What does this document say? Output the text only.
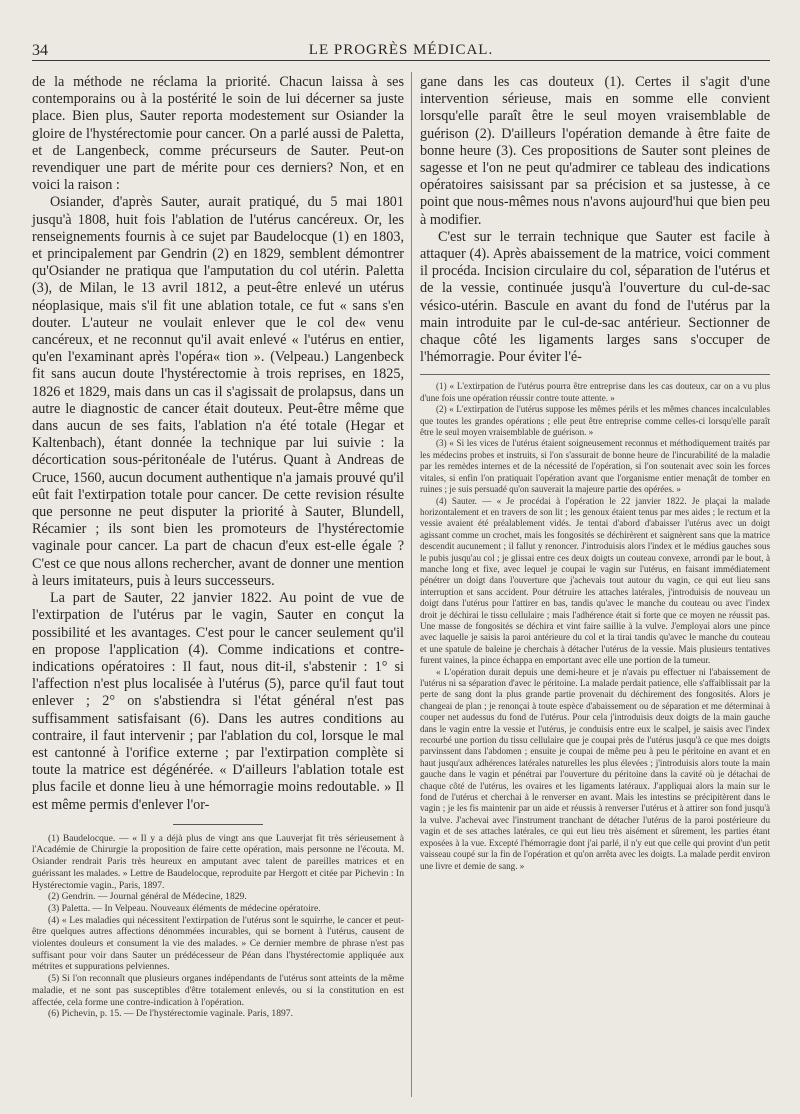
34	LE PROGRÈS MÉDICAL.

de la méthode ne réclama la priorité. Chacun laissa à ses contemporains ou à la postérité le soin de lui décerner sa juste place. Bien plus, Sauter reporta modestement sur Osiander la gloire de l'hystérectomie pour cancer. On a parlé aussi de Paletta, et de Langenbeck, comme précurseurs de Sauter. Peut-on revendiquer une part de mérite pour ces derniers? Non, et en voici la raison :

Osiander, d'après Sauter, aurait pratiqué, du 5 mai 1801 jusqu'à 1808, huit fois l'ablation de l'utérus cancéreux. Or, les renseignements fournis à ce sujet par Baudelocque (1) en 1803, et principalement par Gendrin (2) en 1829, semblent démontrer qu'Osiander ne pratiqua que l'amputation du col utérin. Paletta (3), de Milan, le 13 avril 1812, a peut-être enlevé un utérus néoplasique, mais s'il fit une ablation totale, ce fut « sans s'en douter. L'auteur ne voulait enlever que le col de« venu cancéreux, et ne reconnut qu'il avait enlevé « l'utérus en entier, qu'en l'examinant après l'opéra« tion ». (Velpeau.) Langenbeck fit sans aucun doute l'hystérectomie à trois reprises, en 1825, 1826 et 1829, mais dans un cas il s'agissait de prolapsus, dans un autre le diagnostic de cancer était douteux. Peut-être même que dans aucun de ses faits, l'ablation n'a été totale (Hegar et Kaltenbach), étant donnée la technique par lui suivie : la décortication sous-péritonéale de l'utérus. Quant à Andreas de Cruce, 1560, aucun document authentique n'a jamais prouvé qu'il eût fait l'extirpation totale pour cancer. De cette revision résulte que personne ne peut disputer la priorité à Sauter, Blundell, Récamier ; ils sont bien les promoteurs de l'hystérectomie vaginale pour cancer. La part de chacun d'eux est-elle égale ? C'est ce que nous allons rechercher, avant de donner une mention à leurs imitateurs, puis à leurs successeurs.

La part de Sauter, 22 janvier 1822. Au point de vue de l'extirpation de l'utérus par le vagin, Sauter en conçut la possibilité et les avantages. C'est pour le cancer seulement qu'il en propose l'application (4). Comme indications et contre-indications opératoires : Il faut, nous dit-il, s'abstenir : 1° si l'affection n'est plus localisée à l'utérus (5), parce qu'il faut tout enlever ; 2° on s'abstiendra si l'état général n'est pas suffisamment satisfaisant (6). Dans les autres conditions au contraire, il faut intervenir ; par l'ablation du col, lorsque le mal est cantonné à l'orifice externe ; par l'extirpation complète si toute la matrice est dégénérée. « D'ailleurs l'ablation totale est plus facile et donne lieu à une hémorragie moins redoutable. » Il est même permis d'enlever l'or-

(1) Baudelocque. — « Il y a déjà plus de vingt ans que Lauverjat fit très sérieusement à l'Académie de Chirurgie la proposition de faire cette opération, mais personne ne l'écouta. M. Osiander rendrait Paris très heureux en amputant avec talent de pareilles matrices et en guérissant les malades. » Lettre de Baudelocque, reproduite par Hergott et citée par Pichevin : In Hystérectomie vagin., Paris, 1897.

(2) Gendrin. — Journal général de Médecine, 1829.

(3) Paletta. — In Velpeau. Nouveaux éléments de médecine opératoire.

(4) « Les maladies qui nécessitent l'extirpation de l'utérus sont le squirrhe, le cancer et peut-être quelques autres affections dénommées incurables, qui se bornent à l'utérus, causent de violentes douleurs et consument la vie des malades. » Ce dernier membre de phrase n'est pas suffisant pour voir dans Sauter un prédécesseur de Péan dans l'hystérectomie appliquée aux métrites et suppurations pelviennes.

(5) Si l'on reconnaît que plusieurs organes indépendants de l'utérus sont atteints de la même maladie, et ne sont pas susceptibles d'être totalement enlevés, ou si la constitution en est affectée, cela forme une contre-indication à l'opération.

(6) Pichevin, p. 15. — De l'hystérectomie vaginale. Paris, 1897.

gane dans les cas douteux (1). Certes il s'agit d'une intervention sérieuse, mais en somme elle convient lorsqu'elle paraît être le seul moyen vraisemblable de guérison (2). D'ailleurs l'opération demande à être faite de bonne heure (3). Ces propositions de Sauter sont pleines de sagesse et l'on ne peut qu'admirer ce tableau des indications opératoires saisissant par sa précision et sa justesse, à ce point que nous-mêmes nous n'avons aujourd'hui que bien peu à modifier.

C'est sur le terrain technique que Sauter est facile à attaquer (4). Après abaissement de la matrice, voici comment il procéda. Incision circulaire du col, séparation de l'utérus et de la vessie, continuée jusqu'à l'ouverture du cul-de-sac vésico-utérin. Bascule en avant du fond de l'utérus par la main introduite par le cul-de-sac antérieur. Sectionner de chaque côté les ligaments larges sans s'occuper de l'hémorragie. Pour éviter l'é-

(1) « L'extirpation de l'utérus pourra être entreprise dans les cas douteux, car on a vu plus d'une fois une opération réussir contre toute attente. »

(2) « L'extirpation de l'utérus suppose les mêmes périls et les mêmes chances incalculables que toutes les grandes opérations ; elle peut être entreprise comme celles-ci lorsqu'elle paraît être le seul moyen vraisemblable de guérison. »

(3) « Si les vices de l'utérus étaient soigneusement reconnus et méthodiquement traités par les médecins probes et instruits, si l'on s'assurait de bonne heure de l'incurabilité de la maladie par les remèdes internes et de la nécessité de l'opération, si l'on soutenait avec soin les forces vitales, si enfin l'on pratiquait l'opération avant que l'organisme entier menaçât de tomber en ruines ; je suis persuadé qu'on sauverait la majeure partie des opérées. »

(4) Sauter. — « Je procédai à l'opération le 22 janvier 1822. Je plaçai la malade horizontalement et en travers de son lit ; les genoux étaient tenus par mes aides ; le rectum et la vessie avaient été préalablement vidés. Je tentai d'abord d'abaisser l'utérus avec un doigt agissant comme un crochet, mais les fongosités se déchirèrent et saignèrent sans que la matrice descendit aucunement ; il fallut y renoncer. J'introduisis alors l'index et le médius gauches sous le pubis jusqu'au col ; je glissai entre ces deux doigts un couteau convexe, arrondi par le bout, à manche long et fixe, avec lequel je coupai le vagin sur l'utérus, en faisant immédiatement pénétrer un doigt dans l'ouverture que j'achevais tout autour du vagin, ce qui eut lieu sans interruption et sans accident. Pour détruire les attaches latérales, j'introduisis de nouveau un doigt dans l'utérus pour l'attirer en bas, tandis qu'avec le manche du couteau ou avec l'index droit je déchirai le tissu cellulaire ; mais l'adhérence était si forte que ce moyen ne réussit pas. Une masse de fongosités se déchira et vint faire saillie à la vulve. J'employai alors une pince avec laquelle je saisis la paroi antérieure du col et la tirai tandis qu'avec le manche du couteau et une spatule de baleine je cherchais à détacher l'utérus de la vessie. Mais plusieurs tentatives furent vaines, la pince échappa en emportant avec elle une portion de la tumeur.

« L'opération durait depuis une demi-heure et je n'avais pu effectuer ni l'abaissement de l'utérus ni sa séparation d'avec le péritoine. La malade perdait patience, elle s'affaiblissait par la perte de sang dont la plus grande partie provenait du déchirement des fongosités. Alors je changeai de plan ; je renonçai à toute espèce d'abaissement ou de séparation et me déterminai à couper net audessus du fond de l'utérus. Pour cela j'introduisis deux doigts de la main gauche dans le vagin entre la vessie et l'utérus, je conduisis entre eux le scalpel, je saisis avec l'index recourbé une portion du tissu cellulaire que je coupai près de l'utérus jusqu'à ce que mes doigts parvinssent dans l'abdomen ; ensuite je coupai de même peu à peu le péritoine en avant et en haut jusqu'aux adhérences latérales naturelles les plus élevées ; j'introduisis alors toute la main gauche dans le vagin et pénétrai par l'ouverture du péritoine dans la cavité où je détachai de chaque côté de l'utérus, les ovaires et les ligaments latéraux. J'appliquai alors la main sur le fond de l'utérus et cherchai à le renverser en avant. Mais les intestins se précipitèrent dans le vagin ; je les fis maintenir par un aide et réussis à renverser l'utérus et à attirer son fond jusqu'à la vulve. J'achevai avec l'instrument tranchant de détacher l'utérus de la paroi postérieure du vagin et de ses attaches latérales, ce qui eut lieu très aisément et sûrement, les parties étant exposées à la vue. Excepté l'hémorragie dont j'ai parlé, il n'y eut que celle qui provint d'un petit vaisseau coupé sur la fin de l'opération et qu'on arrêta avec les doigts. La malade perdit environ une livre et demie de sang. »
